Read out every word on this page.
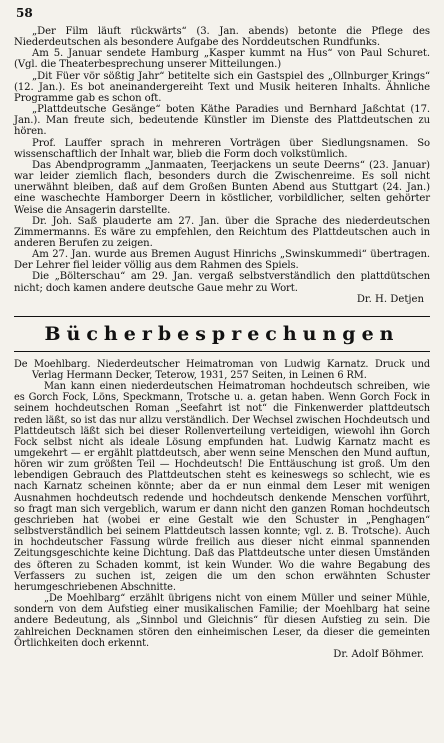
58

„Der Film läuft rückwärts“ (3. Jan. abends) betonte die Pflege des Niederdeutschen als besondere Aufgabe des Norddeutschen Rundfunks.

Am 5. Januar sendete Hamburg „Kasper kummt na Hus“ von Paul Schuret. (Vgl. die Theaterbesprechung unserer Mitteilungen.)

„Dit Füer vör sößtig Jahr“ betitelte sich ein Gastspiel des „Ollnburger Krings“ (12. Jan.). Es bot aneinandergereiht Text und Musik heiteren Inhalts. Ähnliche Programme gab es schon oft.

„Plattdeutsche Gesänge“ boten Käthe Paradies und Bernhard Jaßchtat (17. Jan.). Man freute sich, bedeutende Künstler im Dienste des Plattdeutschen zu hören.

Prof. Lauffer sprach in mehreren Vorträgen über Siedlungsnamen. So wissenschaftlich der Inhalt war, blieb die Form doch volkstümlich.

Das Abendprogramm „Janmaaten, Teerjackens un seute Deerns“ (23. Januar) war leider ziemlich flach, besonders durch die Zwischenreime. Es soll nicht unerwähnt bleiben, daß auf dem Großen Bunten Abend aus Stuttgart (24. Jan.) eine waschechte Hamborger Deern in köstlicher, vorbildlicher, selten gehörter Weise die Ansagerin darstellte.

Dr. Joh. Saß plauderte am 27. Jan. über die Sprache des niederdeutschen Zimmermanns. Es wäre zu empfehlen, den Reichtum des Plattdeutschen auch in anderen Berufen zu zeigen.

Am 27. Jan. wurde aus Bremen August Hinrichs „Swinskummedi“ übertragen. Der Lehrer fiel leider völlig aus dem Rahmen des Spiels.

Die „Bölterschau“ am 29. Jan. vergaß selbstverständlich den plattdütschen nicht; doch kamen andere deutsche Gaue mehr zu Wort.

Dr. H. Detjen
Bücherbesprechungen

De Moehlbarg. Niederdeutscher Heimatroman von Ludwig Karnatz. Druck und Verlag Hermann Decker, Teterow, 1931, 257 Seiten, in Leinen 6 RM.

Man kann einen niederdeutschen Heimatroman hochdeutsch schreiben, wie es Gorch Fock, Löns, Speckmann, Trotsche u. a. getan haben. Wenn Gorch Fock in seinem hochdeutschen Roman „Seefahrt ist not“ die Finkenwerder plattdeutsch reden läßt, so ist das nur allzu verständlich. Der Wechsel zwischen Hochdeutsch und Plattdeutsch läßt sich bei dieser Rollenverteilung verteidigen, wiewohl ihn Gorch Fock selbst nicht als ideale Lösung empfunden hat. Ludwig Karnatz macht es umgekehrt — er ergählt plattdeutsch, aber wenn seine Menschen den Mund auftun, hören wir zum größten Teil — Hochdeutsch! Die Enttäuschung ist groß. Um den lebendigen Gebrauch des Plattdeutschen steht es keineswegs so schlecht, wie es nach Karnatz scheinen könnte; aber da er nun einmal dem Leser mit wenigen Ausnahmen hochdeutsch redende und hochdeutsch denkende Menschen vorführt, so fragt man sich vergeblich, warum er dann nicht den ganzen Roman hochdeutsch geschrieben hat (wobei er eine Gestalt wie den Schuster in „Penghagen“ selbstverständlich bei seinem Plattdeutsch lassen konnte; vgl. z. B. Trotsche). Auch in hochdeutscher Fassung würde freilich aus dieser nicht einmal spannenden Zeitungsgeschichte keine Dichtung. Daß das Plattdeutsche unter diesen Umständen des öfteren zu Schaden kommt, ist kein Wunder. Wo die wahre Begabung des Verfassers zu suchen ist, zeigen die um den schon erwähnten Schuster herumgeschriebenen Abschnitte.

„De Moehlbarg“ erzählt übrigens nicht von einem Müller und seiner Mühle, sondern von dem Aufstieg einer musikalischen Familie; der Moehlbarg hat seine andere Bedeutung, als „Sinnbol und Gleichnis“ für diesen Aufstieg zu sein. Die zahlreichen Decknamen stören den einheimischen Leser, da dieser die gemeinten Örtlichkeiten doch erkennt.

Dr. Adolf Böhmer.
